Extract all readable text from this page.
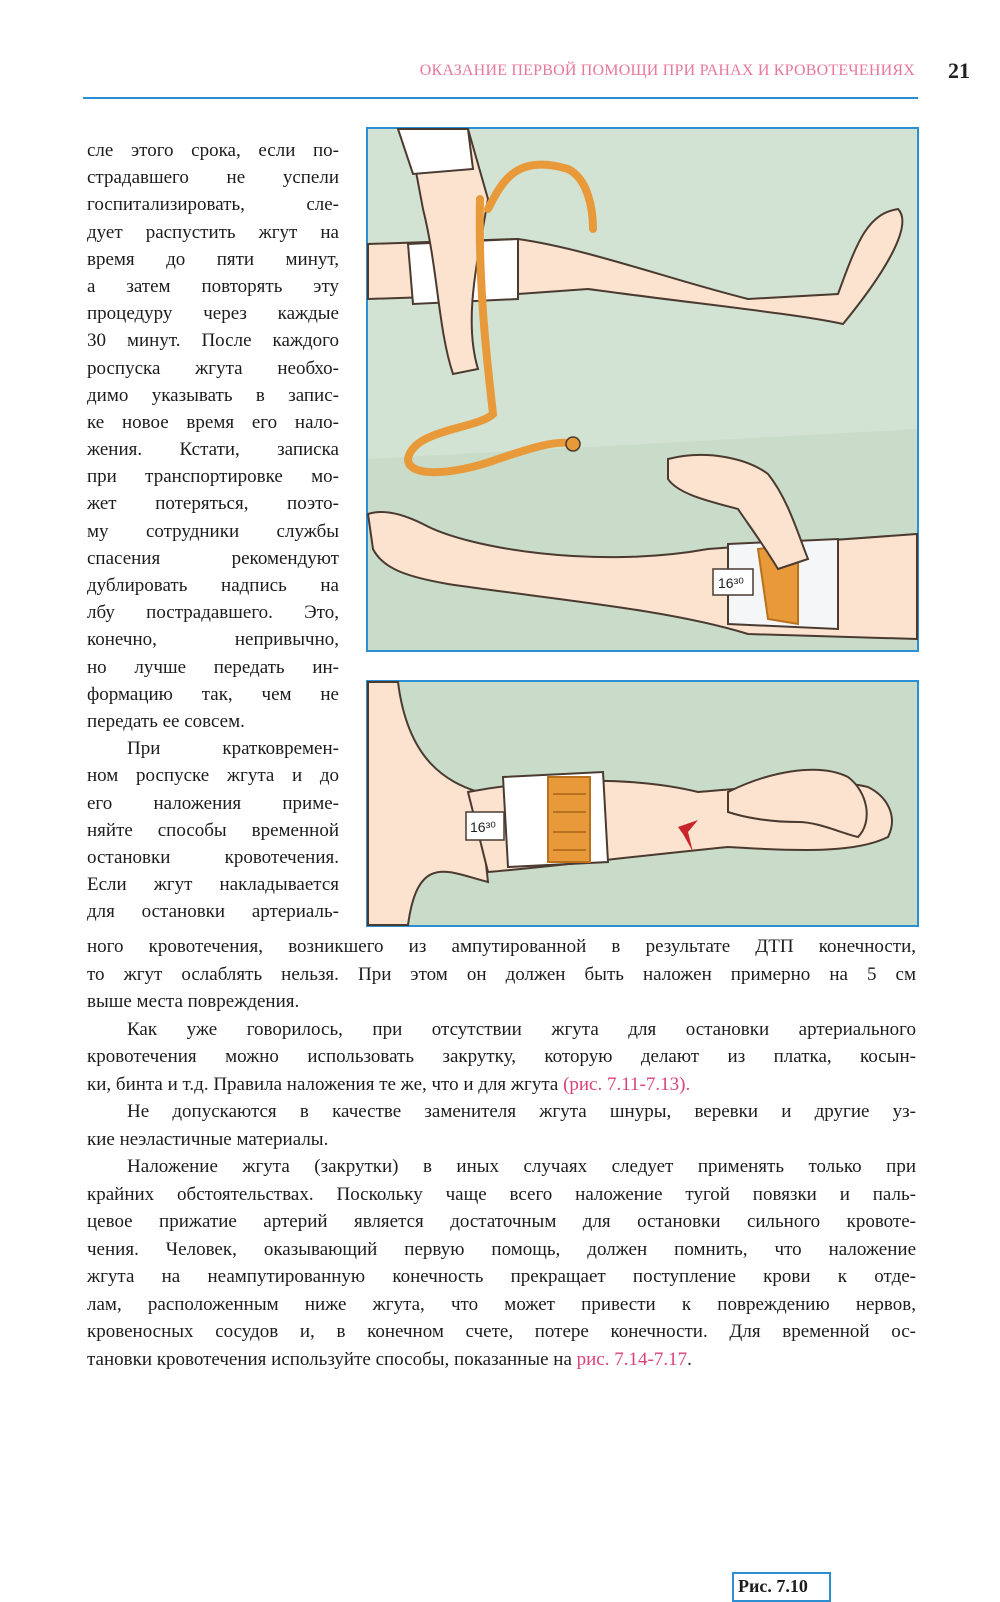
ОКАЗАНИЕ ПЕРВОЙ ПОМОЩИ ПРИ РАНАХ И КРОВОТЕЧЕНИЯХ 21
сле этого срока, если по-
страдавшего не успели
госпитализировать, сле-
дует распустить жгут на
время до пяти минут,
а затем повторять эту
процедуру через каждые
30 минут. После каждого
роспуска жгута необхо-
димо указывать в запис-
ке новое время его нало-
жения. Кстати, записка
при транспортировке мо-
жет потеряться, поэто-
му сотрудники службы
спасения рекомендуют
дублировать надпись на
лбу пострадавшего. Это,
конечно, непривычно,
но лучше передать ин-
формацию так, чем не
передать ее совсем.
При кратковремен-
ном роспуске жгута и до
его наложения приме-
няйте способы временной
остановки кровотечения.
Если жгут накладывается
для остановки артериаль-
16³⁰
16³⁰
Рис. 7.10
ного кровотечения, возникшего из ампутированной в результате ДТП конечности,
то жгут ослаблять нельзя. При этом он должен быть наложен примерно на 5 см
выше места повреждения.
Как уже говорилось, при отсутствии жгута для остановки артериального
кровотечения можно использовать закрутку, которую делают из платка, косын-
ки, бинта и т.д. Правила наложения те же, что и для жгута (рис. 7.11-7.13).
Не допускаются в качестве заменителя жгута шнуры, веревки и другие уз-
кие неэластичные материалы.
Наложение жгута (закрутки) в иных случаях следует применять только при
крайних обстоятельствах. Поскольку чаще всего наложение тугой повязки и паль-
цевое прижатие артерий является достаточным для остановки сильного кровоте-
чения. Человек, оказывающий первую помощь, должен помнить, что наложение
жгута на неампутированную конечность прекращает поступление крови к отде-
лам, расположенным ниже жгута, что может привести к повреждению нервов,
кровеносных сосудов и, в конечном счете, потере конечности. Для временной ос-
тановки кровотечения используйте способы, показанные на рис. 7.14-7.17.
